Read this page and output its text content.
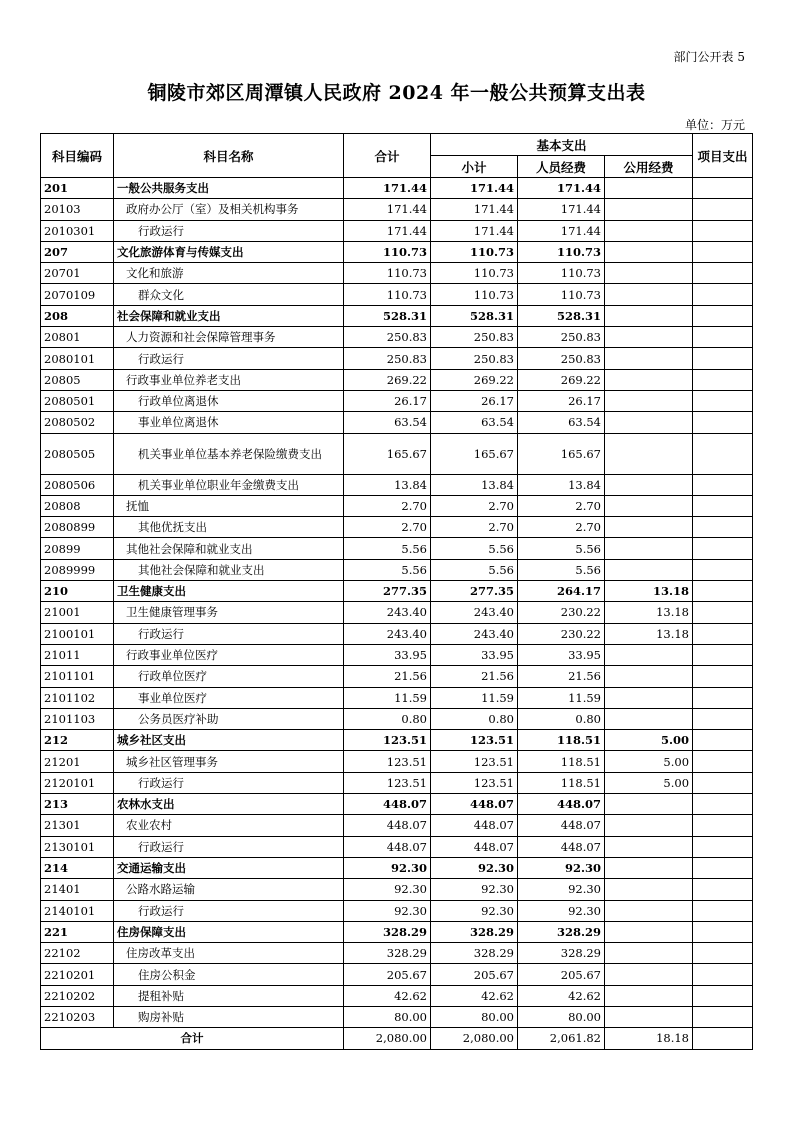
部门公开表 5
铜陵市郊区周潭镇人民政府 2024 年一般公共预算支出表
单位：万元
科目编码	科目名称	合计	基本支出			项目支出
			小计	人员经费	公用经费	
201	一般公共服务支出	171.44	171.44	171.44		
20103	政府办公厅（室）及相关机构事务	171.44	171.44	171.44		
2010301	行政运行	171.44	171.44	171.44		
207	文化旅游体育与传媒支出	110.73	110.73	110.73		
20701	文化和旅游	110.73	110.73	110.73		
2070109	群众文化	110.73	110.73	110.73		
208	社会保障和就业支出	528.31	528.31	528.31		
20801	人力资源和社会保障管理事务	250.83	250.83	250.83		
2080101	行政运行	250.83	250.83	250.83		
20805	行政事业单位养老支出	269.22	269.22	269.22		
2080501	行政单位离退休	26.17	26.17	26.17		
2080502	事业单位离退休	63.54	63.54	63.54		
2080505	机关事业单位基本养老保险缴费支出	165.67	165.67	165.67		
2080506	机关事业单位职业年金缴费支出	13.84	13.84	13.84		
20808	抚恤	2.70	2.70	2.70		
2080899	其他优抚支出	2.70	2.70	2.70		
20899	其他社会保障和就业支出	5.56	5.56	5.56		
2089999	其他社会保障和就业支出	5.56	5.56	5.56		
210	卫生健康支出	277.35	277.35	264.17	13.18	
21001	卫生健康管理事务	243.40	243.40	230.22	13.18	
2100101	行政运行	243.40	243.40	230.22	13.18	
21011	行政事业单位医疗	33.95	33.95	33.95		
2101101	行政单位医疗	21.56	21.56	21.56		
2101102	事业单位医疗	11.59	11.59	11.59		
2101103	公务员医疗补助	0.80	0.80	0.80		
212	城乡社区支出	123.51	123.51	118.51	5.00	
21201	城乡社区管理事务	123.51	123.51	118.51	5.00	
2120101	行政运行	123.51	123.51	118.51	5.00	
213	农林水支出	448.07	448.07	448.07		
21301	农业农村	448.07	448.07	448.07		
2130101	行政运行	448.07	448.07	448.07		
214	交通运输支出	92.30	92.30	92.30		
21401	公路水路运输	92.30	92.30	92.30		
2140101	行政运行	92.30	92.30	92.30		
221	住房保障支出	328.29	328.29	328.29		
22102	住房改革支出	328.29	328.29	328.29		
2210201	住房公积金	205.67	205.67	205.67		
2210202	提租补贴	42.62	42.62	42.62		
2210203	购房补贴	80.00	80.00	80.00		
合计		2,080.00	2,080.00	2,061.82	18.18	
